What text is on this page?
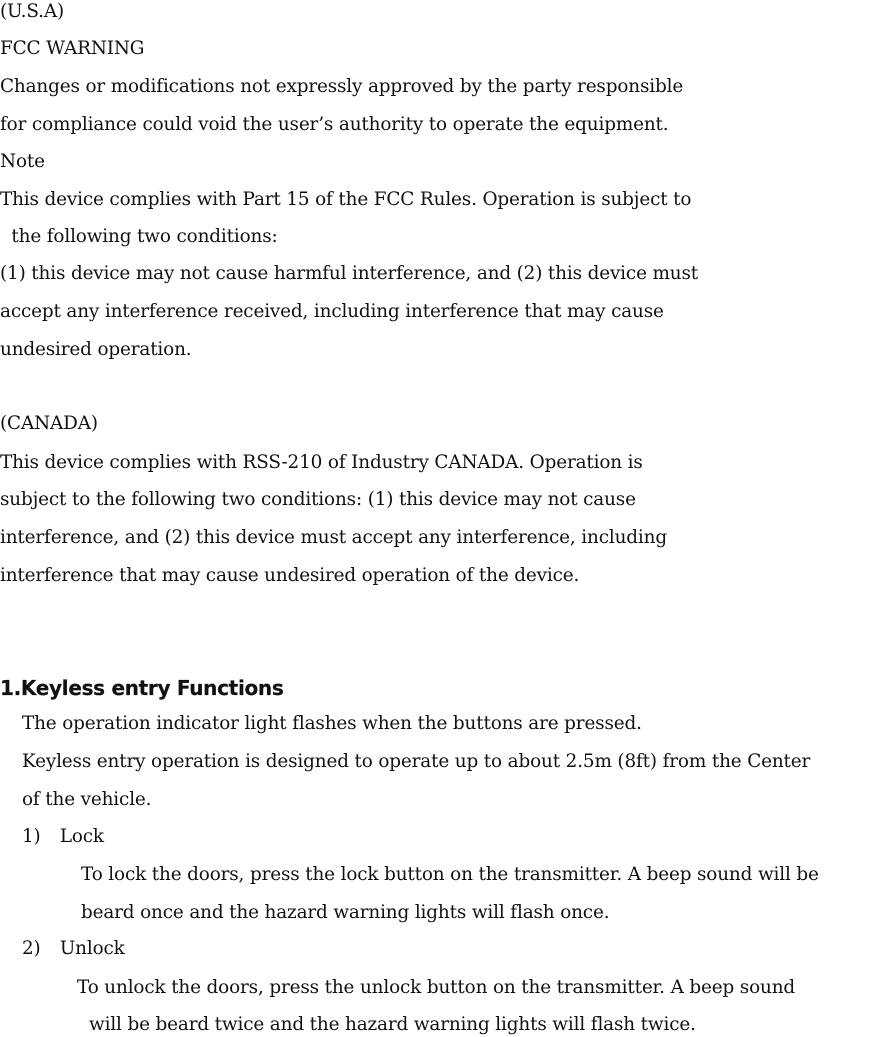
(U.S.A)
FCC WARNING
Changes or modifications not expressly approved by the party responsible
for compliance could void the user’s authority to operate the equipment.
Note
This device complies with Part 15 of the FCC Rules. Operation is subject to
the following two conditions:
(1) this device may not cause harmful interference, and (2) this device must
accept any interference received, including interference that may cause
undesired operation.
(CANADA)
This device complies with RSS-210 of Industry CANADA. Operation is
subject to the following two conditions: (1) this device may not cause
interference, and (2) this device must accept any interference, including
interference that may cause undesired operation of the device.
1.Keyless entry Functions
The operation indicator light flashes when the buttons are pressed.
Keyless entry operation is designed to operate up to about 2.5m (8ft) from the Center
of the vehicle.
1) Lock
To lock the doors, press the lock button on the transmitter. A beep sound will be
beard once and the hazard warning lights will flash once.
2) Unlock
To unlock the doors, press the unlock button on the transmitter. A beep sound
will be beard twice and the hazard warning lights will flash twice.
